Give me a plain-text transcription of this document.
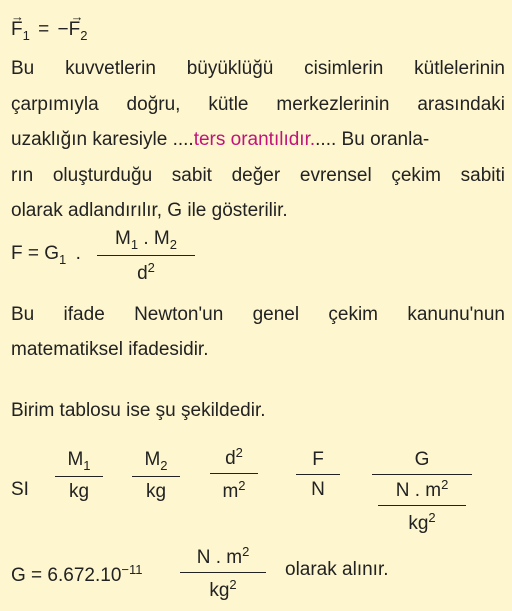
→
$F_1$ = −
→
$F_2$
Bu kuvvetlerin büyüklüğü cisimlerin kütlelerinin
çarpımıyla doğru, kütle merkezlerinin arasındaki
uzaklığın karesiyle ....ters orantılıdır..... Bu oranla-
rın oluşturduğu sabit değer evrensel çekim sabiti
olarak adlandırılır, G ile gösterilir.
$F = G_1$ .
$M_1$ . $M_2$
$d^2$
Bu ifade Newton'un genel çekim kanunu'nun
matematiksel ifadesidir.
Birim tablosu ise şu şekildedir.
SI
$M_1$
kg
$M_2$
kg
$d^2$
$m^2$
F
N
G
N . $m^2$
$kg^2$
$G = 6.672.10^{-11}$
N . $m^2$
$kg^2$
olarak alınır.
